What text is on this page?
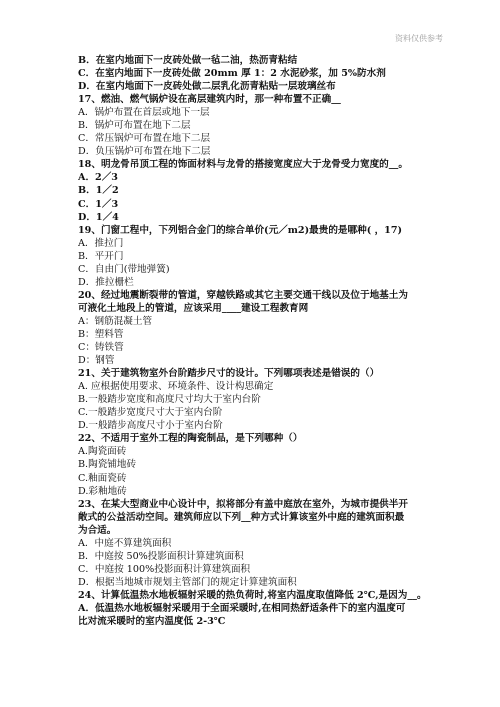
资料仅供参考
B．在室内地面下一皮砖处做一毡二油，热沥青粘结
C．在室内地面下一皮砖处做 20mm 厚 1：2 水泥砂浆，加 5%防水剂
D．在室内地面下一皮砖处做二层乳化沥青粘贴一层玻璃丝布
17、燃油、燃气锅炉设在高层建筑内时，那一种布置不正确__
A．锅炉布置在首层或地下一层
B．锅炉可布置在地下二层
C．常压锅炉可布置在地下二层
D．负压锅炉可布置在地下二层
18、明龙骨吊顶工程的饰面材料与龙骨的搭接宽度应大于龙骨受力宽度的__。
A．2／3
B．1／2
C．1／3
D．1／4
19、门窗工程中，下列铝合金门的综合单价(元／m2)最贵的是哪种( ，17)
A．推拉门
B．平开门
C．自由门(带地弹簧)
D．推拉栅栏
20、经过地震断裂带的管道，穿越铁路或其它主要交通干线以及位于地基土为
可液化土地段上的管道，应该采用____建设工程教育网
A：钢筋混凝土管
B：塑料管
C：铸铁管
D：钢管
21、关于建筑物室外台阶踏步尺寸的设计。下列哪项表述是错误的（）
A. 应根据使用要求、环境条件、设计构思确定
B.一般踏步宽度和高度尺寸均大于室内台阶
C.一般踏步宽度尺寸大于室内台阶
D.一般踏步高度尺寸小于室内台阶
22、不适用于室外工程的陶瓷制品，是下列哪种（）
A.陶瓷面砖
B.陶瓷铺地砖
C.釉面瓷砖
D.彩釉地砖
23、在某大型商业中心设计中，拟将部分有盖中庭放在室外，为城市提供半开
敞式的公益活动空间。建筑师应以下列__种方式计算该室外中庭的建筑面积最
为合适。
A．中庭不算建筑面积
B．中庭按 50%投影面积计算建筑面积
C．中庭按 100%投影面积计算建筑面积
D．根据当地城市规划主管部门的规定计算建筑面积
24、计算低温热水地板辐射采暖的热负荷时,将室内温度取值降低 2℃,是因为__。
A．低温热水地板辐射采暖用于全面采暖时,在相同热舒适条件下的室内温度可
比对流采暖时的室内温度低 2-3℃
